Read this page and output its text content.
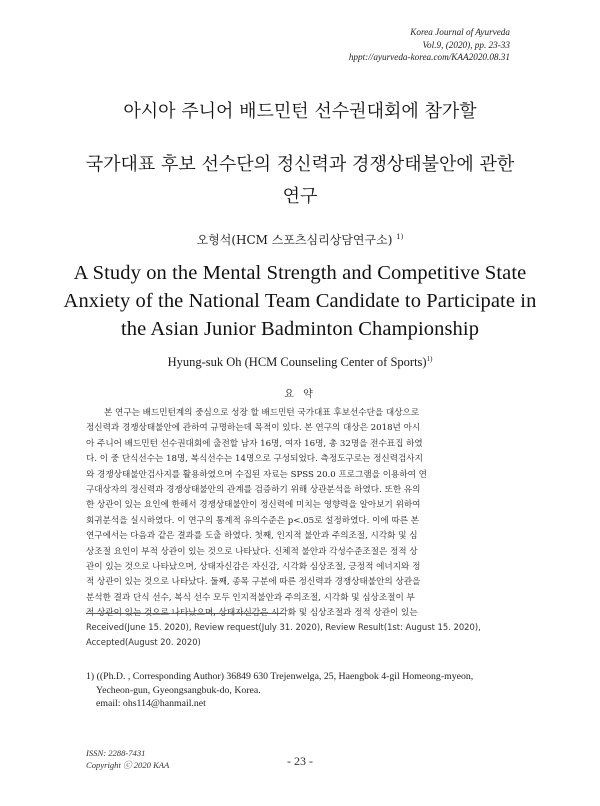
Korea Journal of Ayurveda
Vol.9, (2020), pp. 23-33
hppt://ayurveda-korea.com/KAA2020.08.31
아시아 주니어 배드민턴 선수권대회에 참가할
국가대표 후보 선수단의 정신력과 경쟁상태불안에 관한
연구
오형석(HCM 스포츠심리상담연구소) $^{1)}$
A Study on the Mental Strength and Competitive State
Anxiety of the National Team Candidate to Participate in
the Asian Junior Badminton Championship
Hyung-suk Oh (HCM Counseling Center of Sports)$^{1)}$
요 약
본 연구는 배드민턴계의 중심으로 성장 할 배드민턴 국가대표 후보선수단을 대상으로
정신력과 경쟁상태불안에 관하여 규명하는데 목적이 있다. 본 연구의 대상은 2018년 아시
아 주니어 배드민턴 선수권대회에 출전할 남자 16명, 여자 16명, 총 32명을 전수표집 하였
다. 이 중 단식선수는 18명, 복식선수는 14명으로 구성되었다. 측정도구로는 정신력검사지
와 경쟁상태불안검사지를 활용하였으며 수집된 자료는 SPSS 20.0 프로그램을 이용하여 연
구대상자의 정신력과 경쟁상태불안의 관계를 검증하기 위해 상관분석을 하였다. 또한 유의
한 상관이 있는 요인에 한해서 경쟁상태불안이 정신력에 미치는 영향력을 알아보기 위하여
회귀분석을 실시하였다. 이 연구의 통계적 유의수준은 p<.05로 설정하였다. 이에 따른 본
연구에서는 다음과 같은 결과를 도출 하였다. 첫째, 인지적 불안과 주의조절, 시각화 및 심
상조절 요인이 부적 상관이 있는 것으로 나타났다. 신체적 불안과 각성수준조절은 정적 상
관이 있는 것으로 나타났으며, 상태자신감은 자신감, 시각화 심상조절, 긍정적 에너지와 정
적 상관이 있는 것으로 나타났다. 둘째, 종목 구분에 따른 정신력과 경쟁상태불안의 상관을
분석한 결과 단식 선수, 복식 선수 모두 인지적불안과 주의조절, 시각화 및 심상조절이 부
적 상관이 있는 것으로 나타났으며, 상태자신감은 시각화 및 심상조절과 정적 상관이 있는
Received(June 15. 2020), Review request(July 31. 2020), Review Result(1st: August 15. 2020), Accepted(August 20. 2020)
1) ((Ph.D. , Corresponding Author) 36849 630 Trejenwelga, 25, Haengbok 4-gil Homeong-myeon,
Yecheon-gun, Gyeongsangbuk-do, Korea.
email: ohs114@hanmail.net
ISSN: 2288-7431
Copyright ⓒ 2020 KAA	- 23 -
